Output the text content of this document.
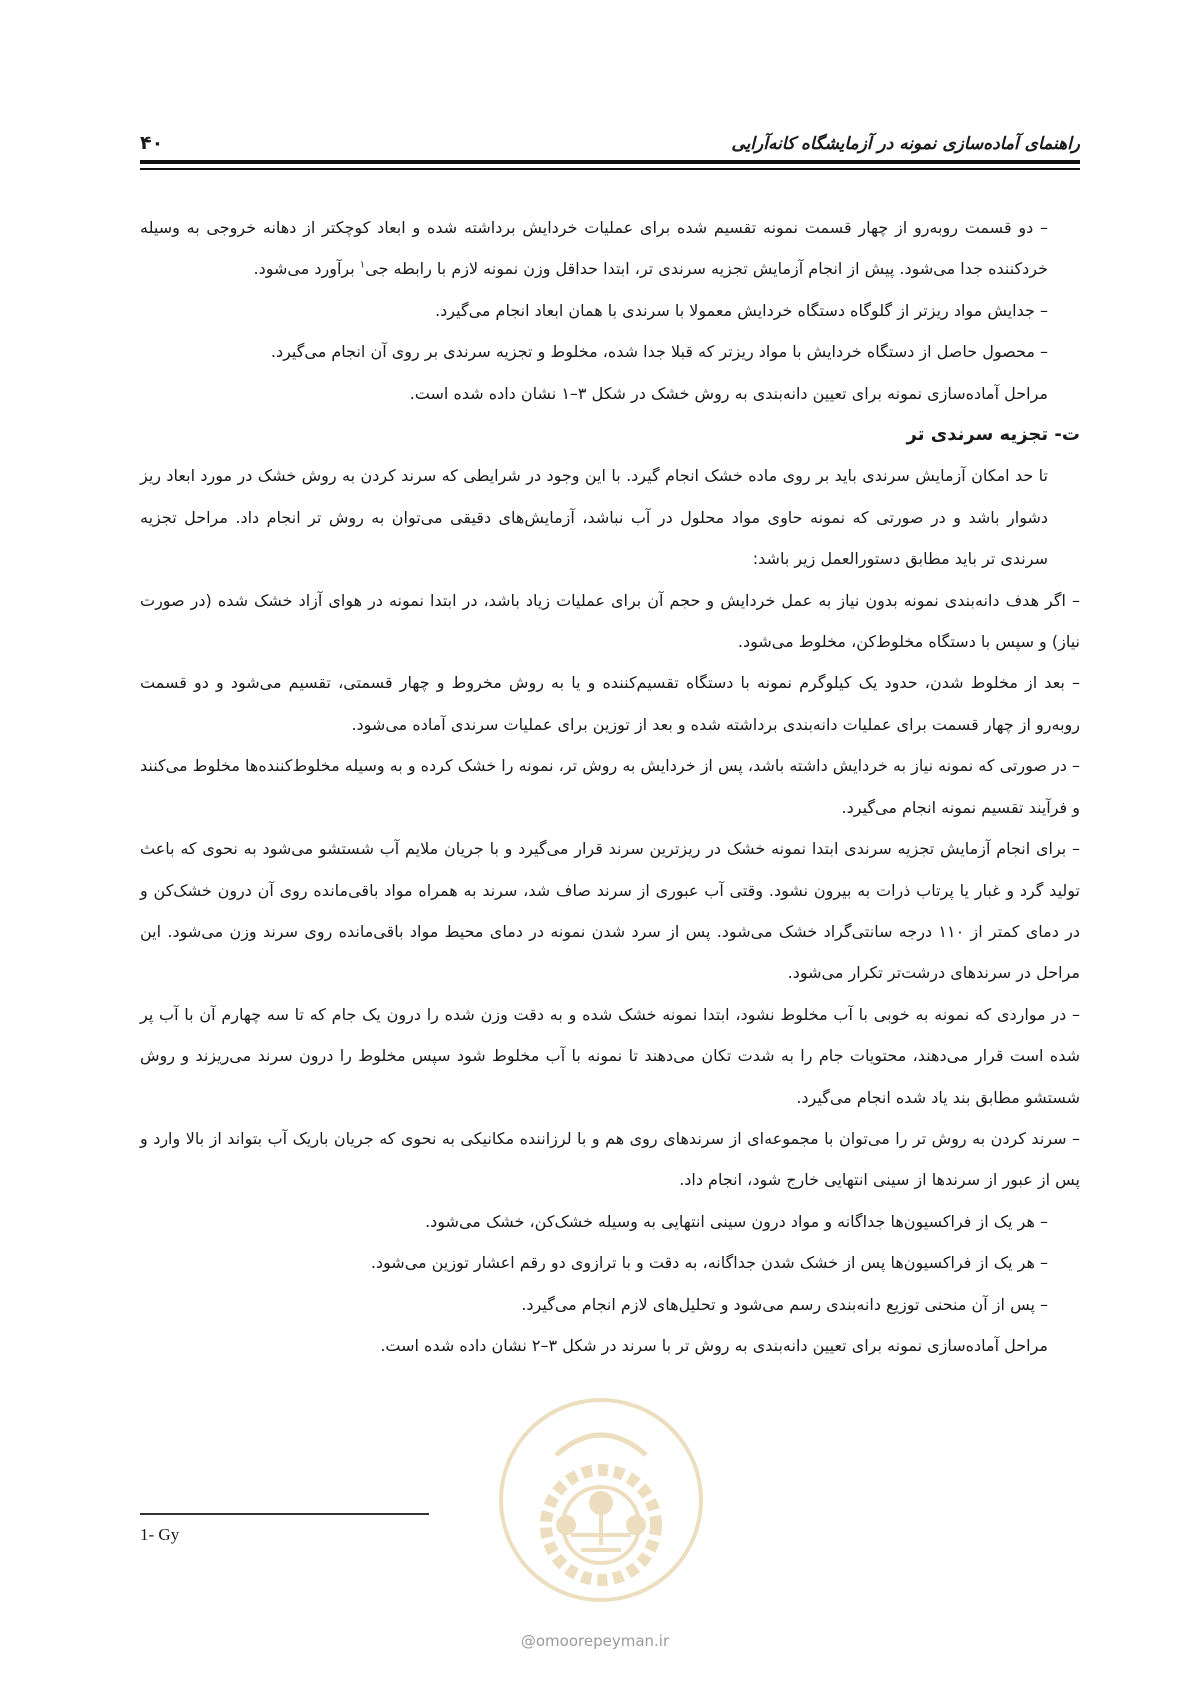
راهنمای آماده‌سازی نمونه در آزمایشگاه کانه‌آرایی
۴۰

– دو قسمت روبه‌رو از چهار قسمت نمونه تقسیم شده برای عملیات خردایش برداشته شده و ابعاد کوچکتر از دهانه خروجی به وسیله خردکننده جدا می‌شود. پیش از انجام آزمایش تجزیه سرندی تر، ابتدا حداقل وزن نمونه لازم با رابطه جی$^۱$ برآورد می‌شود.

– جدایش مواد ریزتر از گلوگاه دستگاه خردایش معمولا با سرندی با همان ابعاد انجام می‌گیرد.

– محصول حاصل از دستگاه خردایش با مواد ریزتر که قبلا جدا شده، مخلوط و تجزیه سرندی بر روی آن انجام می‌گیرد.

مراحل آماده‌سازی نمونه برای تعیین دانه‌بندی به روش خشک در شکل ۳–۱ نشان داده شده است.

ت- تجزیه سرندی تر

تا حد امکان آزمایش سرندی باید بر روی ماده خشک انجام گیرد. با این وجود در شرایطی که سرند کردن به روش خشک در مورد ابعاد ریز دشوار باشد و در صورتی که نمونه حاوی مواد محلول در آب نباشد، آزمایش‌های دقیقی می‌توان به روش تر انجام داد. مراحل تجزیه سرندی تر باید مطابق دستورالعمل زیر باشد:

– اگر هدف دانه‌بندی نمونه بدون نیاز به عمل خردایش و حجم آن برای عملیات زیاد باشد، در ابتدا نمونه در هوای آزاد خشک شده (در صورت نیاز) و سپس با دستگاه مخلوط‌کن، مخلوط می‌شود.

– بعد از مخلوط شدن، حدود یک کیلوگرم نمونه با دستگاه تقسیم‌کننده و یا به روش مخروط و چهار قسمتی، تقسیم می‌شود و دو قسمت روبه‌رو از چهار قسمت برای عملیات دانه‌بندی برداشته شده و بعد از توزین برای عملیات سرندی آماده می‌شود.

– در صورتی که نمونه نیاز به خردایش داشته باشد، پس از خردایش به روش تر، نمونه را خشک کرده و به وسیله مخلوط‌کننده‌ها مخلوط می‌کنند و فرآیند تقسیم نمونه انجام می‌گیرد.

– برای انجام آزمایش تجزیه سرندی ابتدا نمونه خشک در ریزترین سرند قرار می‌گیرد و با جریان ملایم آب شستشو می‌شود به نحوی که باعث تولید گرد و غبار یا پرتاب ذرات به بیرون نشود. وقتی آب عبوری از سرند صاف شد، سرند به همراه مواد باقی‌مانده روی آن درون خشک‌کن و در دمای کمتر از ۱۱۰ درجه سانتی‌گراد خشک می‌شود. پس از سرد شدن نمونه در دمای محیط مواد باقی‌مانده روی سرند وزن می‌شود. این مراحل در سرندهای درشت‌تر تکرار می‌شود.

– در مواردی که نمونه به خوبی با آب مخلوط نشود، ابتدا نمونه خشک شده و به دقت وزن شده را درون یک جام که تا سه چهارم آن با آب پر شده است قرار می‌دهند، محتویات جام را به شدت تکان می‌دهند تا نمونه با آب مخلوط شود سپس مخلوط را درون سرند می‌ریزند و روش شستشو مطابق بند یاد شده انجام می‌گیرد.

– سرند کردن به روش تر را می‌توان با مجموعه‌ای از سرندهای روی هم و با لرزاننده مکانیکی به نحوی که جریان باریک آب بتواند از بالا وارد و پس از عبور از سرندها از سینی انتهایی خارج شود، انجام داد.

– هر یک از فراکسیون‌ها جداگانه و مواد درون سینی انتهایی به وسیله خشک‌کن، خشک می‌شود.

– هر یک از فراکسیون‌ها پس از خشک شدن جداگانه، به دقت و با ترازوی دو رقم اعشار توزین می‌شود.

– پس از آن منحنی توزیع دانه‌بندی رسم می‌شود و تحلیل‌های لازم انجام می‌گیرد.

مراحل آماده‌سازی نمونه برای تعیین دانه‌بندی به روش تر با سرند در شکل ۳–۲ نشان داده شده است.

@omoorepeyman.ir
1- Gy
